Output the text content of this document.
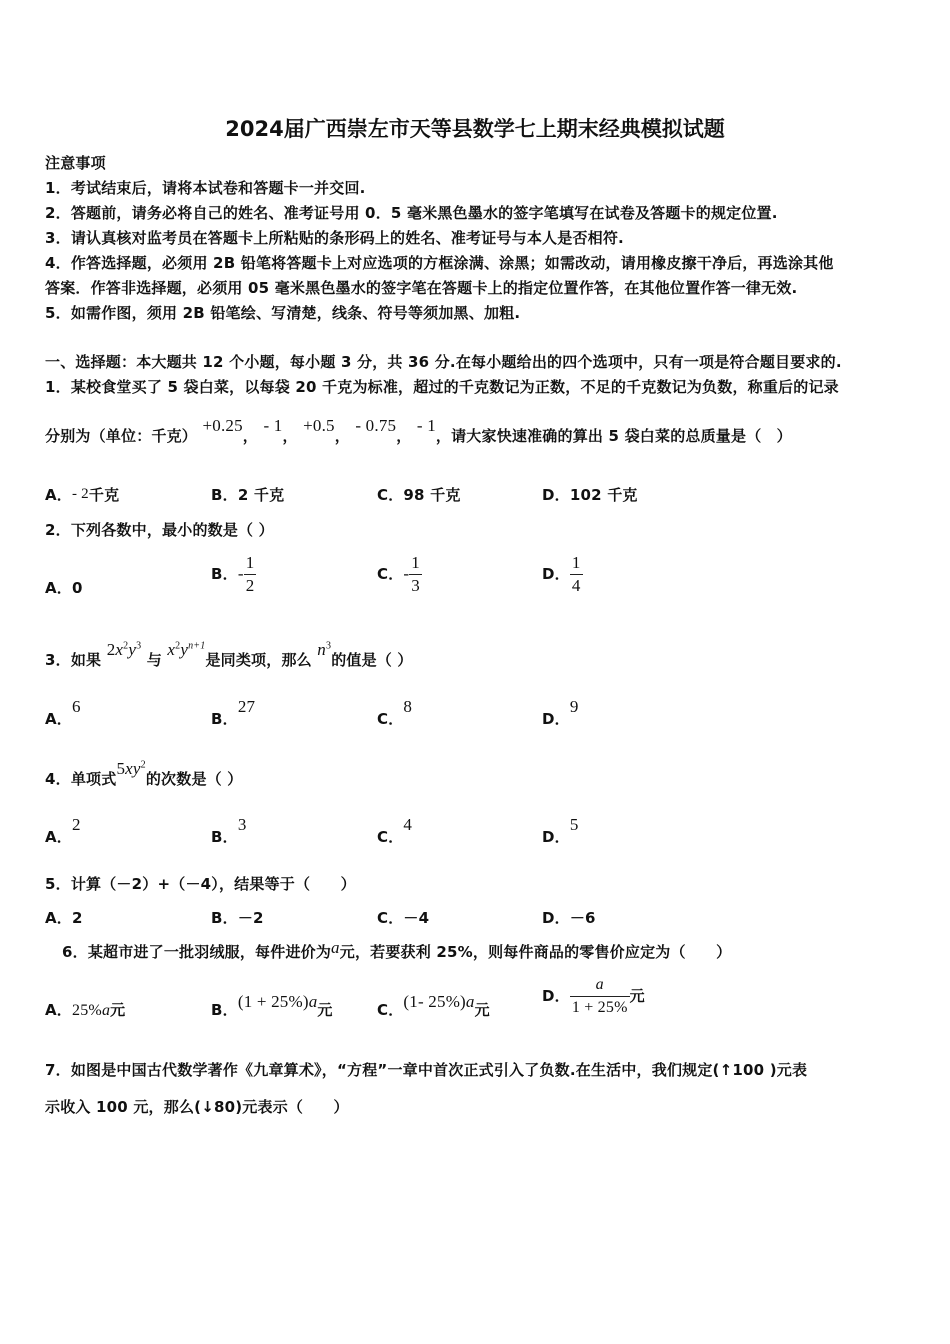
2024届广西崇左市天等县数学七上期末经典模拟试题
注意事项
1．考试结束后，请将本试卷和答题卡一并交回.
2．答题前，请务必将自己的姓名、准考证号用 0．5 毫米黑色墨水的签字笔填写在试卷及答题卡的规定位置.
3．请认真核对监考员在答题卡上所粘贴的条形码上的姓名、准考证号与本人是否相符.
4．作答选择题，必须用 2B 铅笔将答题卡上对应选项的方框涂满、涂黑；如需改动，请用橡皮擦干净后，再选涂其他
答案．作答非选择题，必须用 05 毫米黑色墨水的签字笔在答题卡上的指定位置作答，在其他位置作答一律无效.
5．如需作图，须用 2B 铅笔绘、写清楚，线条、符号等须加黑、加粗.
一、选择题：本大题共 12 个小题，每小题 3 分，共 36 分.在每小题给出的四个选项中，只有一项是符合题目要求的.
1．某校食堂买了 5 袋白菜，以每袋 20 千克为标准，超过的千克数记为正数，不足的千克数记为负数，称重后的记录
分别为（单位：千克） +0.25， - 1， +0.5， - 0.75， - 1，请大家快速准确的算出 5 袋白菜的总质量是（　）
A．- 2千克	B．2 千克	C．98 千克	D．102 千克
2．下列各数中，最小的数是（ ）
A．0
B．- $\frac{1}{2}$	C．- $\frac{1}{3}$	D． $\frac{1}{4}$
3．如果 $2x^2y^3$ 与 $x^2y^{n+1}$是同类项，那么 $n^3$的值是（ ）
A．6
B．27
C．8
D．9
4．单项式$5xy^2$的次数是（ ）
A．2
B．3
C．4
D．5
5．计算（－2）+（－4），结果等于（　　）
A．2	B．－2	C．－4	D．－6
6．某超市进了一批羽绒服，每件进价为a元，若要获利 25%，则每件商品的零售价应定为（　　）
A．25%a元	B．(1 + 25%)a元	C．(1- 25%)a元
D． $\frac{a}{1 + 25\%}$ 元
7．如图是中国古代数学著作《九章算术》，“方程”一章中首次正式引入了负数.在生活中，我们规定(↑100 )元表
示收入 100 元，那么(↓80)元表示（　　）
